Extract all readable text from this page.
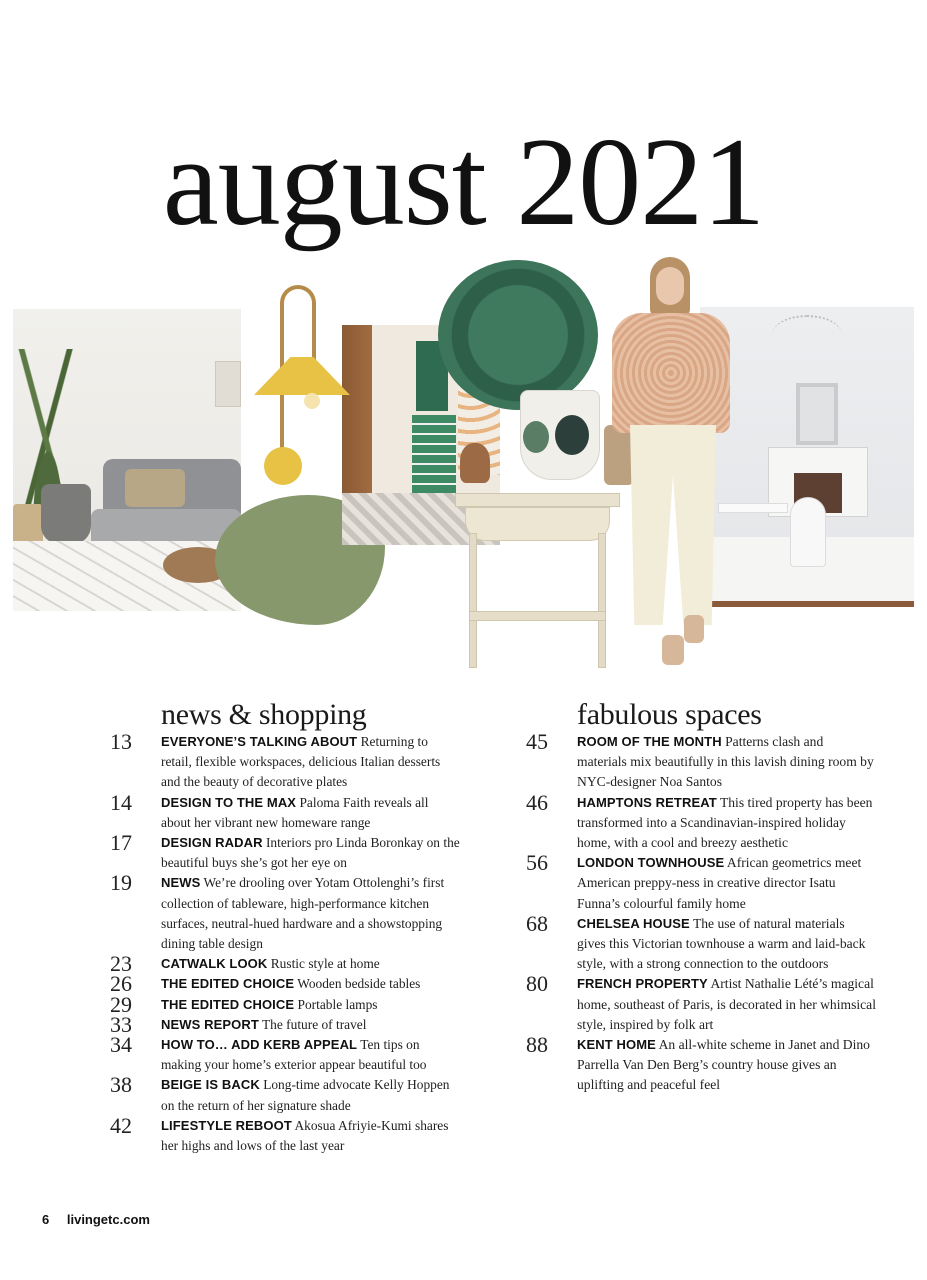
august 2021
news & shopping
13	EVERYONE’S TALKING ABOUT Returning to retail, flexible workspaces, delicious Italian desserts and the beauty of decorative plates

14	DESIGN TO THE MAX Paloma Faith reveals all about her vibrant new homeware range

17	DESIGN RADAR Interiors pro Linda Boronkay on the beautiful buys she’s got her eye on

19	NEWS We’re drooling over Yotam Ottolenghi’s first collection of tableware, high-performance kitchen surfaces, neutral-hued hardware and a showstopping dining table design

23	CATWALK LOOK Rustic style at home

26	THE EDITED CHOICE Wooden bedside tables

29	THE EDITED CHOICE Portable lamps

33	NEWS REPORT The future of travel

34	HOW TO… ADD KERB APPEAL Ten tips on making your home’s exterior appear beautiful too

38	BEIGE IS BACK Long-time advocate Kelly Hoppen on the return of her signature shade

42	LIFESTYLE REBOOT Akosua Afriyie-Kumi shares her highs and lows of the last year

fabulous spaces
45	ROOM OF THE MONTH Patterns clash and materials mix beautifully in this lavish dining room by NYC-designer Noa Santos

46	HAMPTONS RETREAT This tired property has been transformed into a Scandinavian-inspired holiday home, with a cool and breezy aesthetic

56	LONDON TOWNHOUSE African geometrics meet American preppy-ness in creative director Isatu Funna’s colourful family home

68	CHELSEA HOUSE The use of natural materials gives this Victorian townhouse a warm and laid-back style, with a strong connection to the outdoors

80	FRENCH PROPERTY Artist Nathalie Lété’s magical home, southeast of Paris, is decorated in her whimsical style, inspired by folk art

88	KENT HOME An all-white scheme in Janet and Dino Parrella Van Den Berg’s country house gives an uplifting and peaceful feel

6 livingetc.com
